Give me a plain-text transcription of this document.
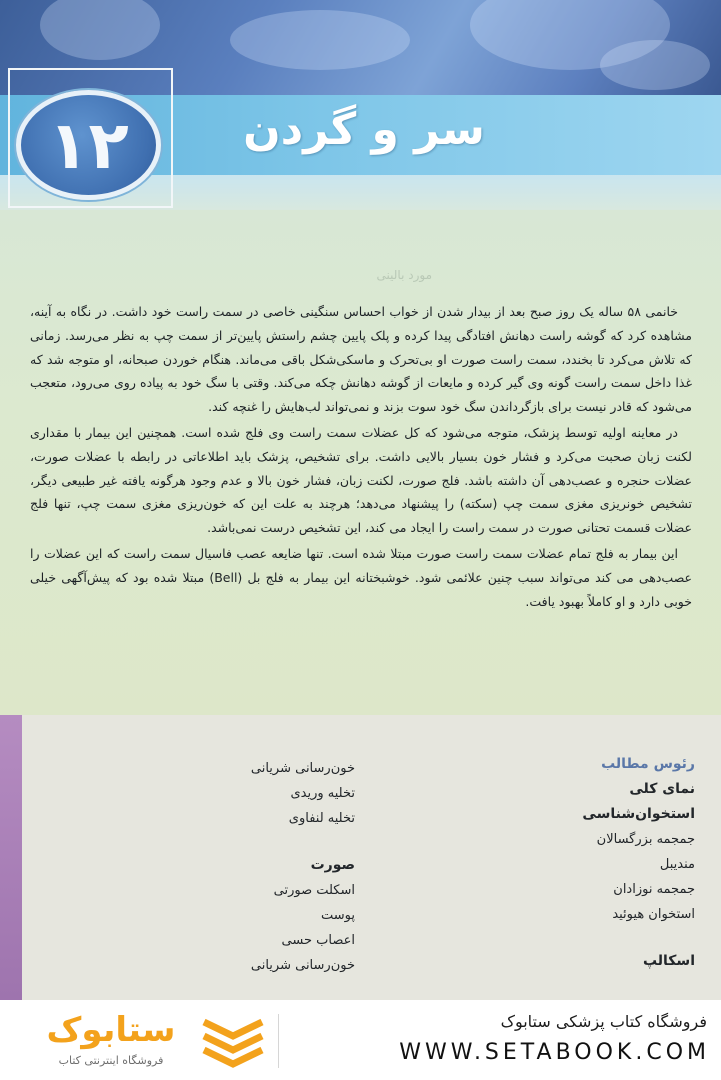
۱۲	سر و گردن
مورد بالینی

خانمی ۵۸ ساله یک روز صبح بعد از بیدار شدن از خواب احساس سنگینی خاصی در سمت راست خود داشت. در نگاه به آینه، مشاهده کرد که گوشه راست دهانش افتادگی پیدا کرده و پلک پایین چشم راستش پایین‌تر از سمت چپ به نظر می‌رسد. زمانی که تلاش می‌کرد تا بخندد، سمت راست صورت او بی‌تحرک و ماسکی‌شکل باقی می‌ماند. هنگام خوردن صبحانه، او متوجه شد که غذا داخل سمت راست گونه وی گیر کرده و مایعات از گوشه دهانش چکه می‌کند. وقتی با سگ خود به پیاده روی می‌رود، متعجب می‌شود که قادر نیست برای بازگرداندن سگ خود سوت بزند و نمی‌تواند لب‌هایش را غنچه کند.

در معاینه اولیه توسط پزشک، متوجه می‌شود که کل عضلات سمت راست وی فلج شده است. همچنین این بیمار با مقداری لکنت زبان صحبت می‌کرد و فشار خون بسیار بالایی داشت. برای تشخیص، پزشک باید اطلاعاتی در رابطه با عضلات صورت، عضلات حنجره و عصب‌دهی آن داشته باشد. فلج صورت، لکنت زبان، فشار خون بالا و عدم وجود هرگونه یافته غیر طبیعی دیگر، تشخیص خونریزی مغزی سمت چپ (سکته) را پیشنهاد می‌دهد؛ هرچند به علت این که خون‌ریزی مغزی سمت چپ، تنها فلج عضلات قسمت تحتانی صورت در سمت راست را ایجاد می کند، این تشخیص درست نمی‌باشد.

این بیمار به فلج تمام عضلات سمت راست صورت مبتلا شده است. تنها ضایعه عصب فاسیال سمت راست که این عضلات را عصب‌دهی می کند می‌تواند سبب چنین علائمی شود. خوشبختانه این بیمار به فلج بل (Bell) مبتلا شده بود که پیش‌آگهی خیلی خوبی دارد و او کاملاً بهبود یافت.

رئوس مطالب
نمای کلی
استخوان‌شناسی
جمجمه بزرگسالان
مندیبل
جمجمه نوزادان
استخوان هیوئید
اسکالپ
خون‌رسانی شریانی
تخلیه وریدی
تخلیه لنفاوی
صورت
اسکلت صورتی
پوست
اعصاب حسی
خون‌رسانی شریانی
ستابوک
فروشگاه اینترنتی کتاب
فروشگاه کتاب پزشکی ستابوک
WWW.SETABOOK.COM
